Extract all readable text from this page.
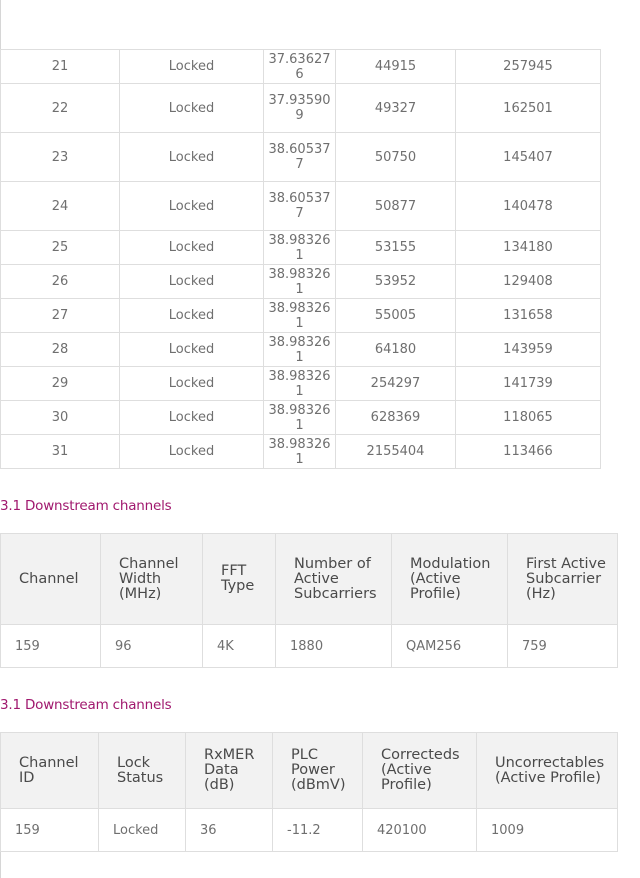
21	Locked	37.636276	44915	257945
22	Locked	37.935909	49327	162501
23	Locked	38.605377	50750	145407
24	Locked	38.605377	50877	140478
25	Locked	38.983261	53155	134180
26	Locked	38.983261	53952	129408
27	Locked	38.983261	55005	131658
28	Locked	38.983261	64180	143959
29	Locked	38.983261	254297	141739
30	Locked	38.983261	628369	118065
31	Locked	38.983261	2155404	113466
3.1 Downstream channels
Channel	Channel Width (MHz)	FFT Type	Number of Active Subcarriers	Modulation (Active Profile)	First Active Subcarrier (Hz)
159	96	4K	1880	QAM256	759
3.1 Downstream channels
Channel ID	Lock Status	RxMER Data (dB)	PLC Power (dBmV)	Correcteds (Active Profile)	Uncorrectables (Active Profile)
159	Locked	36	-11.2	420100	1009
